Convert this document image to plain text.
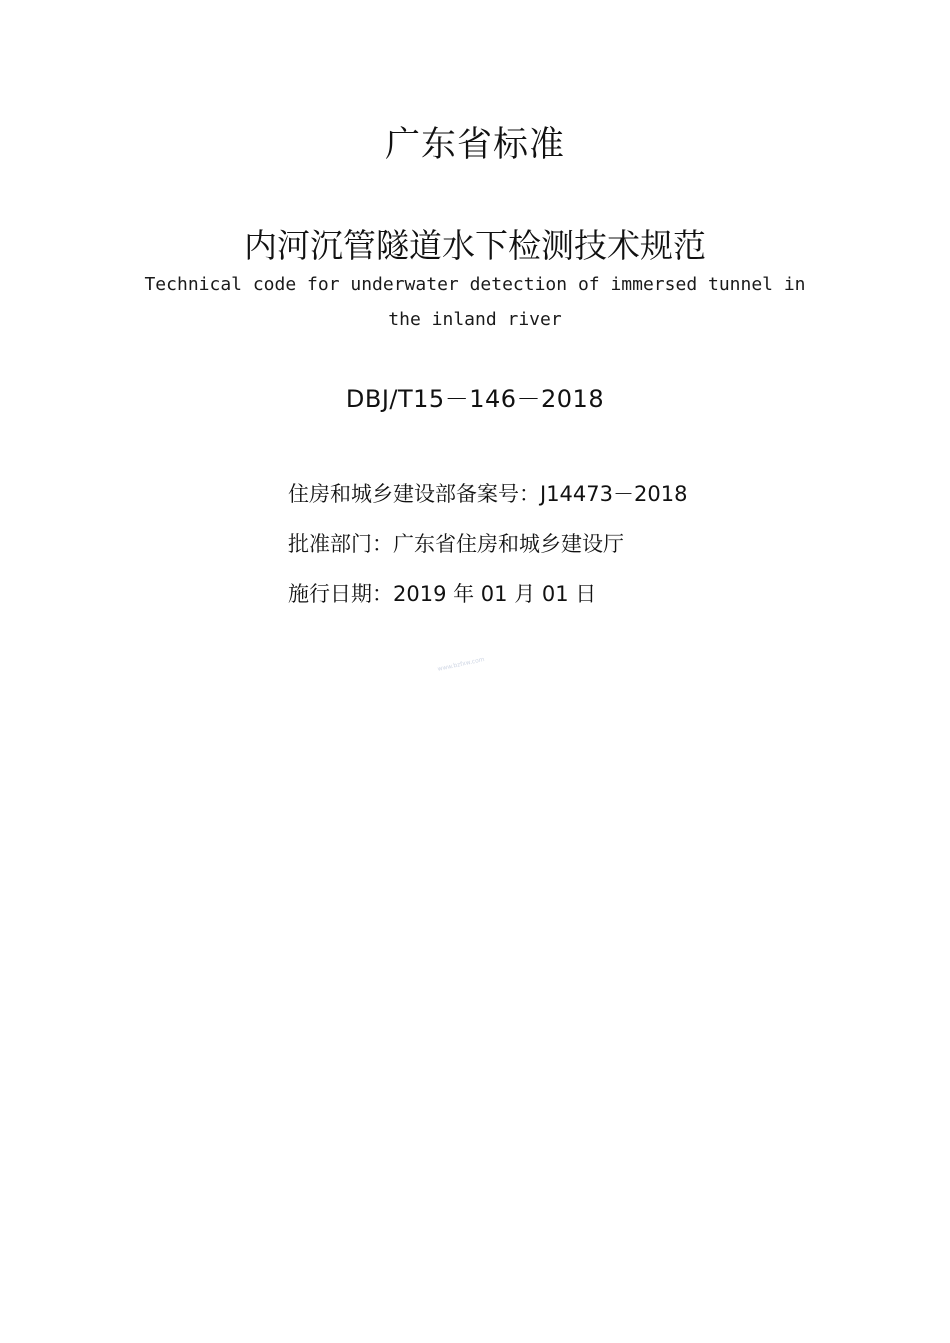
广东省标准
内河沉管隧道水下检测技术规范
Technical code for underwater detection of immersed tunnel in
the inland river
DBJ/T15－146－2018
住房和城乡建设部备案号：J14473－2018
批准部门：广东省住房和城乡建设厅
施行日期：2019 年 01 月 01 日
www.bzfxw.com
